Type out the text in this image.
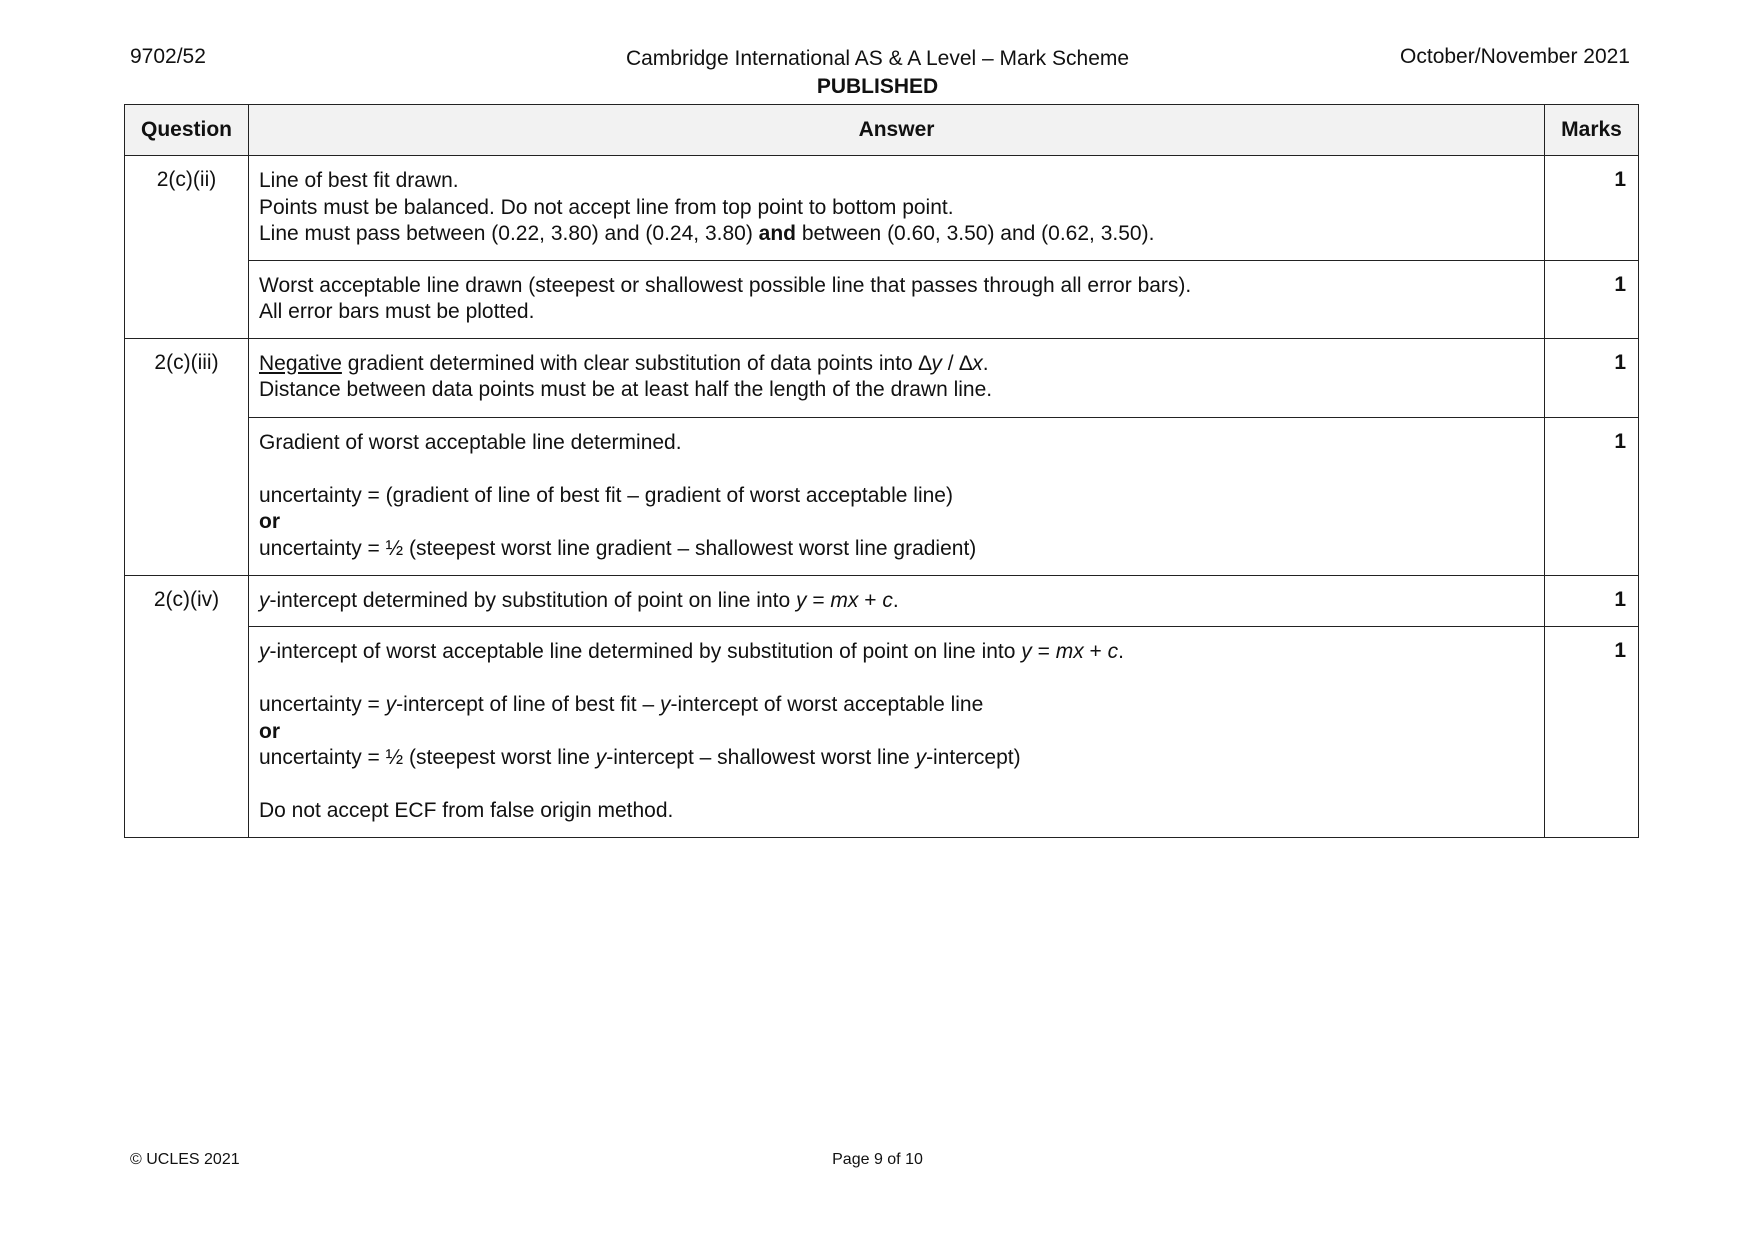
9702/52	Cambridge International AS & A Level – Mark Scheme
PUBLISHED
October/November 2021
Question	Answer	Marks
2(c)(ii)	Line of best fit drawn.
Points must be balanced. Do not accept line from top point to bottom point.
Line must pass between (0.22, 3.80) and (0.24, 3.80) and between (0.60, 3.50) and (0.62, 3.50).	1

	Worst acceptable line drawn (steepest or shallowest possible line that passes through all error bars).
All error bars must be plotted.	1
2(c)(iii)	Negative gradient determined with clear substitution of data points into ∆y / ∆x.
Distance between data points must be at least half the length of the drawn line.	1

	Gradient of worst acceptable line determined.
uncertainty = (gradient of line of best fit – gradient of worst acceptable line)
or
uncertainty = ½ (steepest worst line gradient – shallowest worst line gradient)	1
2(c)(iv)	y-intercept determined by substitution of point on line into y = mx + c.	1

	y-intercept of worst acceptable line determined by substitution of point on line into y = mx + c.
uncertainty = y-intercept of line of best fit – y-intercept of worst acceptable line
or
uncertainty = ½ (steepest worst line y-intercept – shallowest worst line y-intercept)
Do not accept ECF from false origin method.	1
© UCLES 2021	Page 9 of 10
